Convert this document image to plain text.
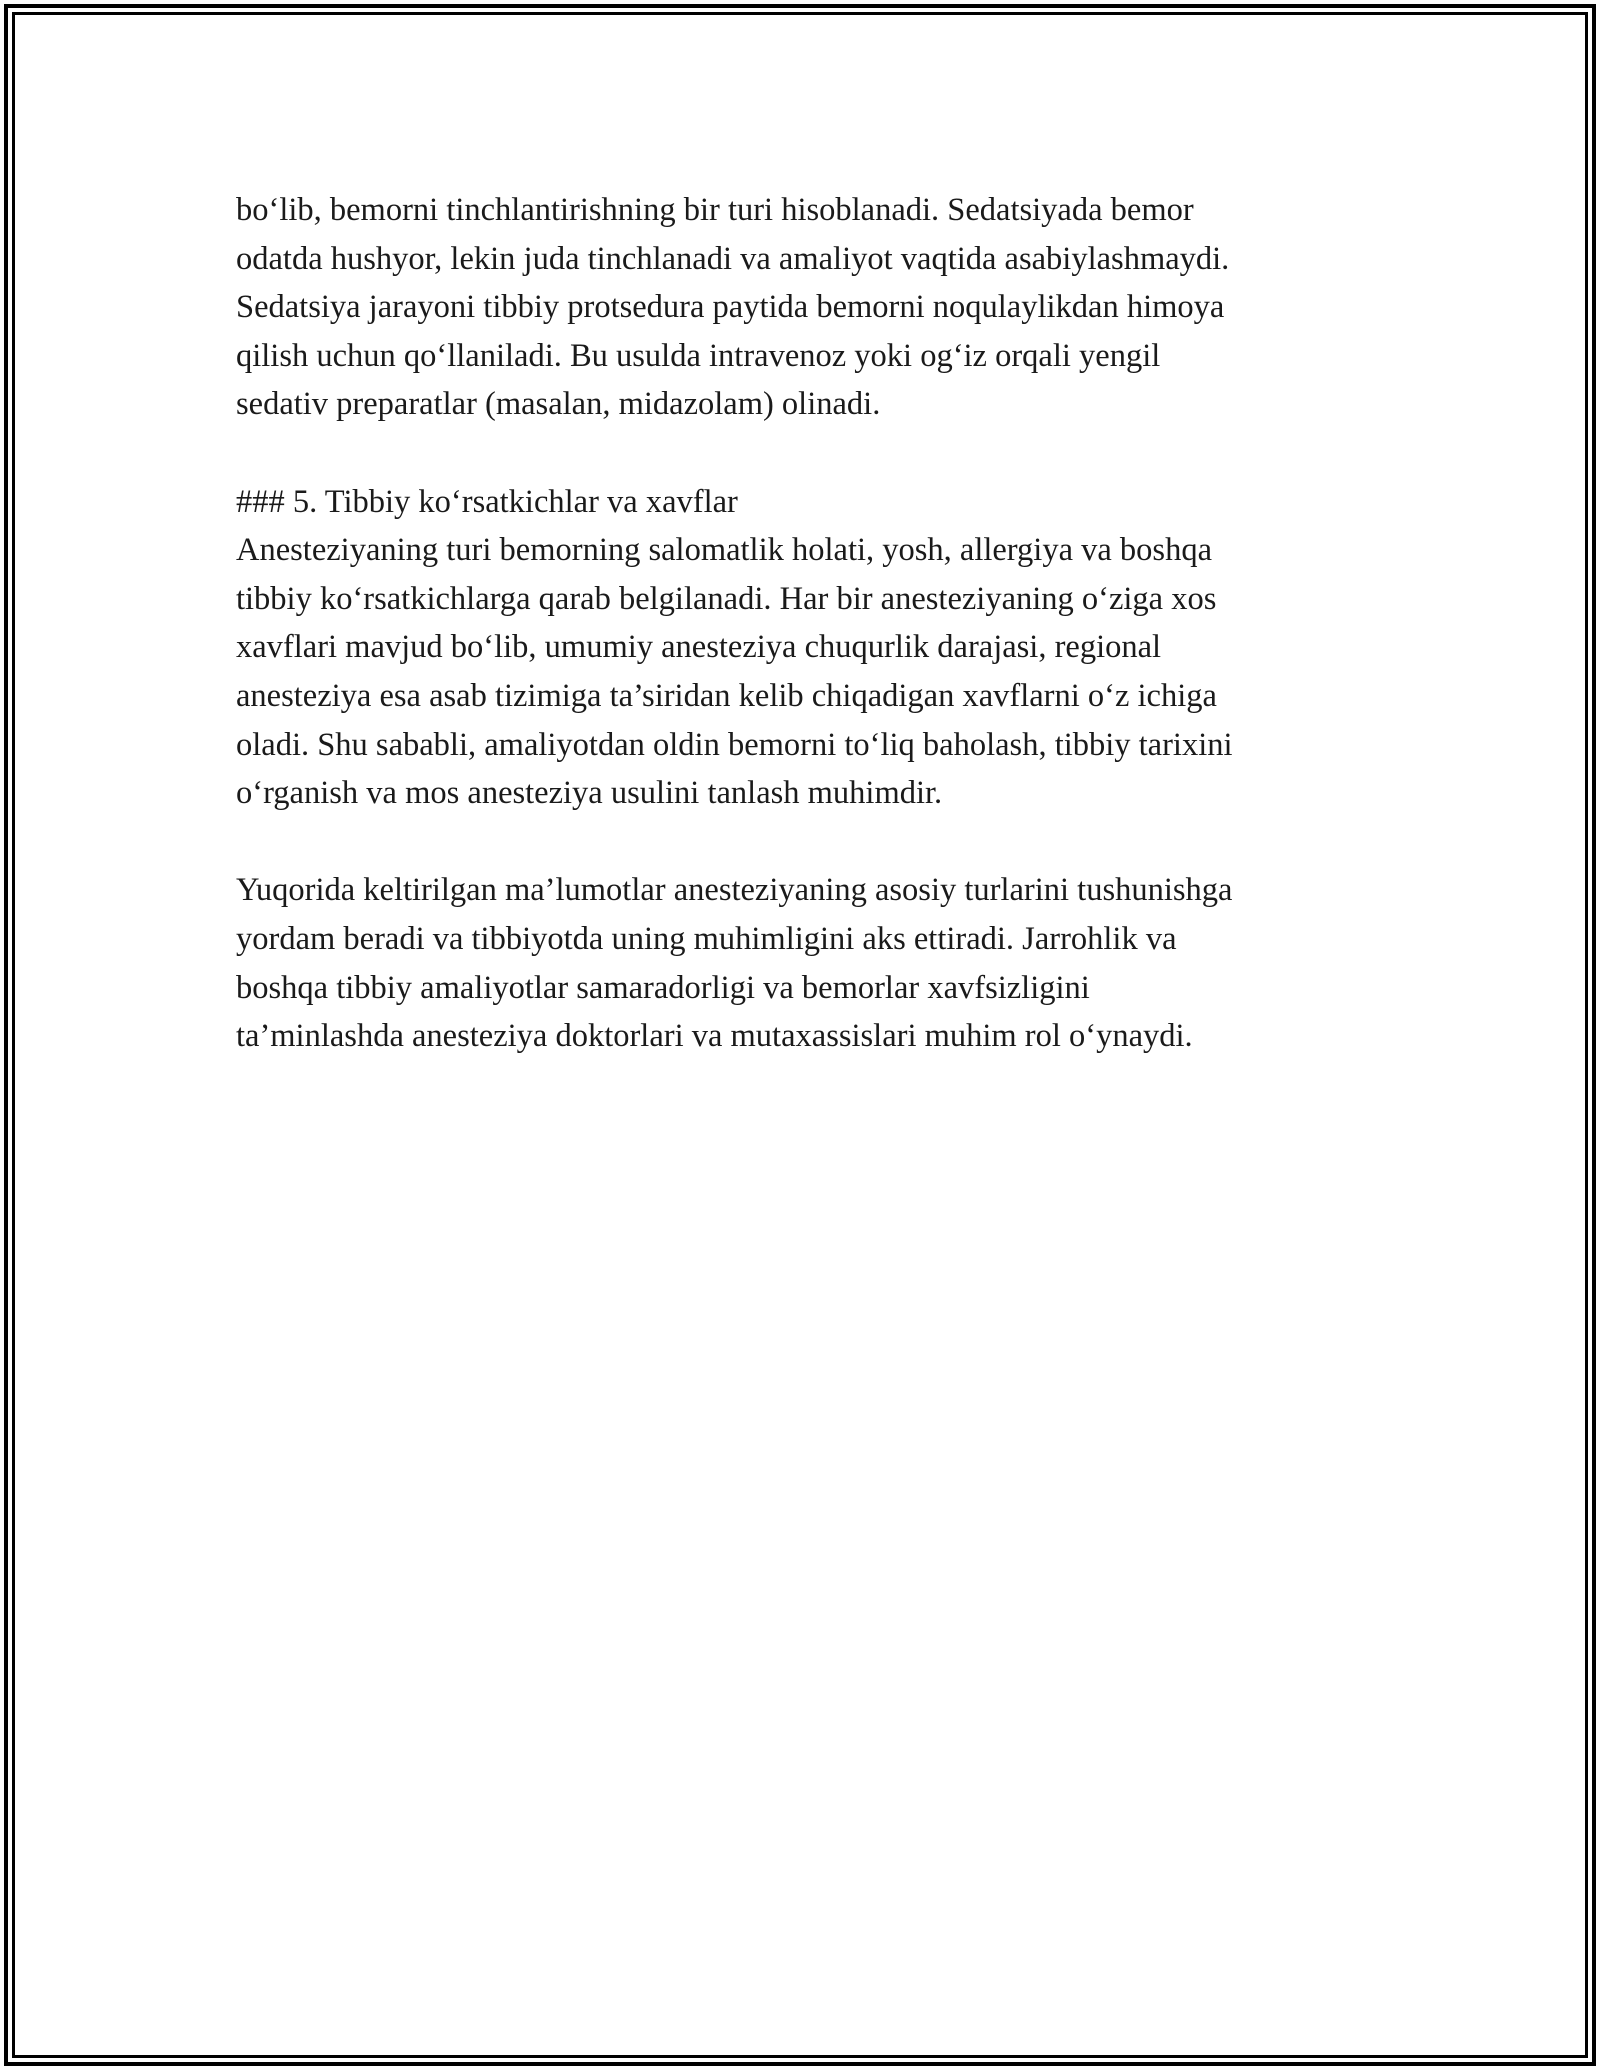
bo‘lib, bemorni tinchlantirishning bir turi hisoblanadi. Sedatsiyada bemor
odatda hushyor, lekin juda tinchlanadi va amaliyot vaqtida asabiylashmaydi.
Sedatsiya jarayoni tibbiy protsedura paytida bemorni noqulaylikdan himoya
qilish uchun qo‘llaniladi. Bu usulda intravenoz yoki og‘iz orqali yengil
sedativ preparatlar (masalan, midazolam) olinadi.
### 5. Tibbiy ko‘rsatkichlar va xavflar
Anesteziyaning turi bemorning salomatlik holati, yosh, allergiya va boshqa
tibbiy ko‘rsatkichlarga qarab belgilanadi. Har bir anesteziyaning o‘ziga xos
xavflari mavjud bo‘lib, umumiy anesteziya chuqurlik darajasi, regional
anesteziya esa asab tizimiga ta’siridan kelib chiqadigan xavflarni o‘z ichiga
oladi. Shu sababli, amaliyotdan oldin bemorni to‘liq baholash, tibbiy tarixini
o‘rganish va mos anesteziya usulini tanlash muhimdir.
Yuqorida keltirilgan ma’lumotlar anesteziyaning asosiy turlarini tushunishga
yordam beradi va tibbiyotda uning muhimligini aks ettiradi. Jarrohlik va
boshqa tibbiy amaliyotlar samaradorligi va bemorlar xavfsizligini
ta’minlashda anesteziya doktorlari va mutaxassislari muhim rol o‘ynaydi.
